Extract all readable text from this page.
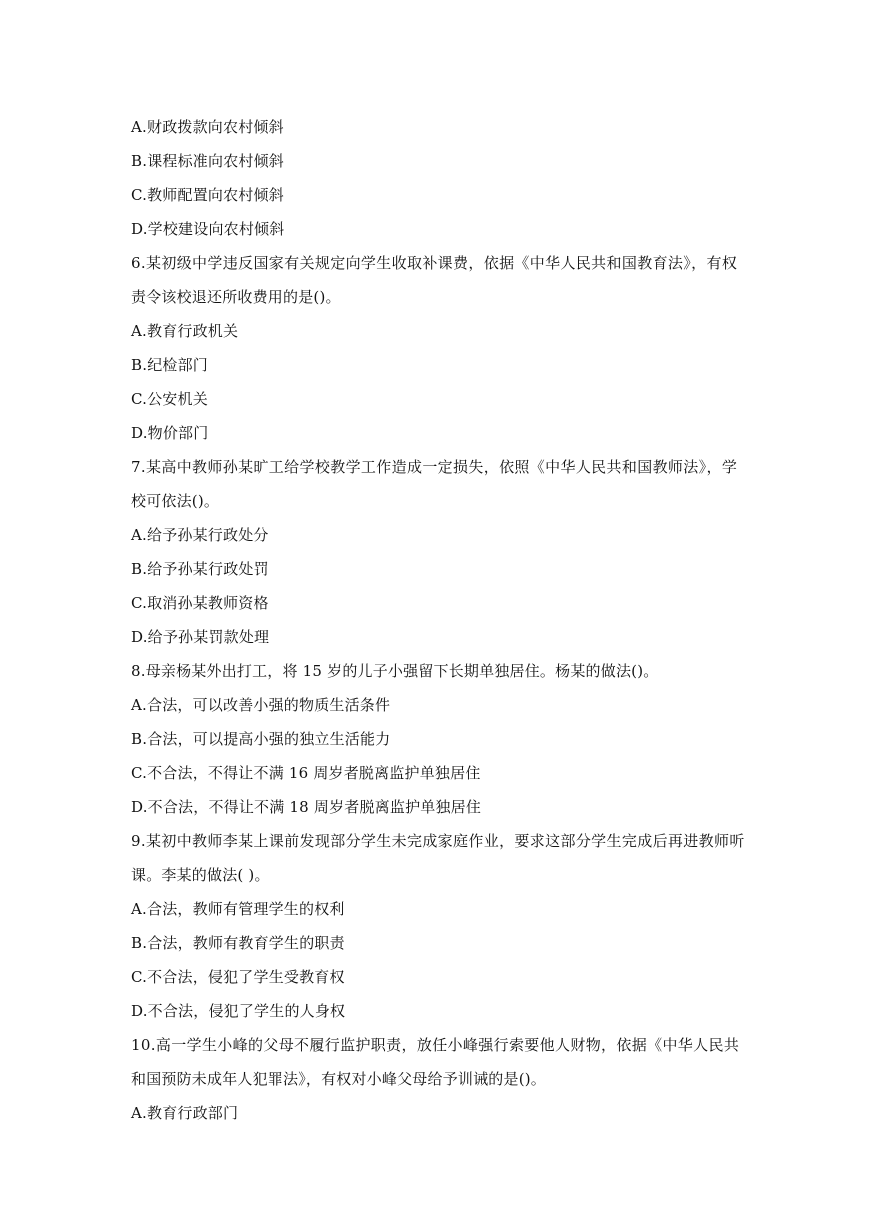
A.财政拨款向农村倾斜
B.课程标准向农村倾斜
C.教师配置向农村倾斜
D.学校建设向农村倾斜
6.某初级中学违反国家有关规定向学生收取补课费，依据《中华人民共和国教育法》，有权
责令该校退还所收费用的是()。
A.教育行政机关
B.纪检部门
C.公安机关
D.物价部门
7.某高中教师孙某旷工给学校教学工作造成一定损失，依照《中华人民共和国教师法》，学
校可依法()。
A.给予孙某行政处分
B.给予孙某行政处罚
C.取消孙某教师资格
D.给予孙某罚款处理
8.母亲杨某外出打工，将 15 岁的儿子小强留下长期单独居住。杨某的做法()。
A.合法，可以改善小强的物质生活条件
B.合法，可以提高小强的独立生活能力
C.不合法，不得让不满 16 周岁者脱离监护单独居住
D.不合法，不得让不满 18 周岁者脱离监护单独居住
9.某初中教师李某上课前发现部分学生未完成家庭作业，要求这部分学生完成后再进教师听
课。李某的做法( )。
A.合法，教师有管理学生的权利
B.合法，教师有教育学生的职责
C.不合法，侵犯了学生受教育权
D.不合法，侵犯了学生的人身权
10.高一学生小峰的父母不履行监护职责，放任小峰强行索要他人财物，依据《中华人民共
和国预防未成年人犯罪法》，有权对小峰父母给予训诫的是()。
A.教育行政部门
